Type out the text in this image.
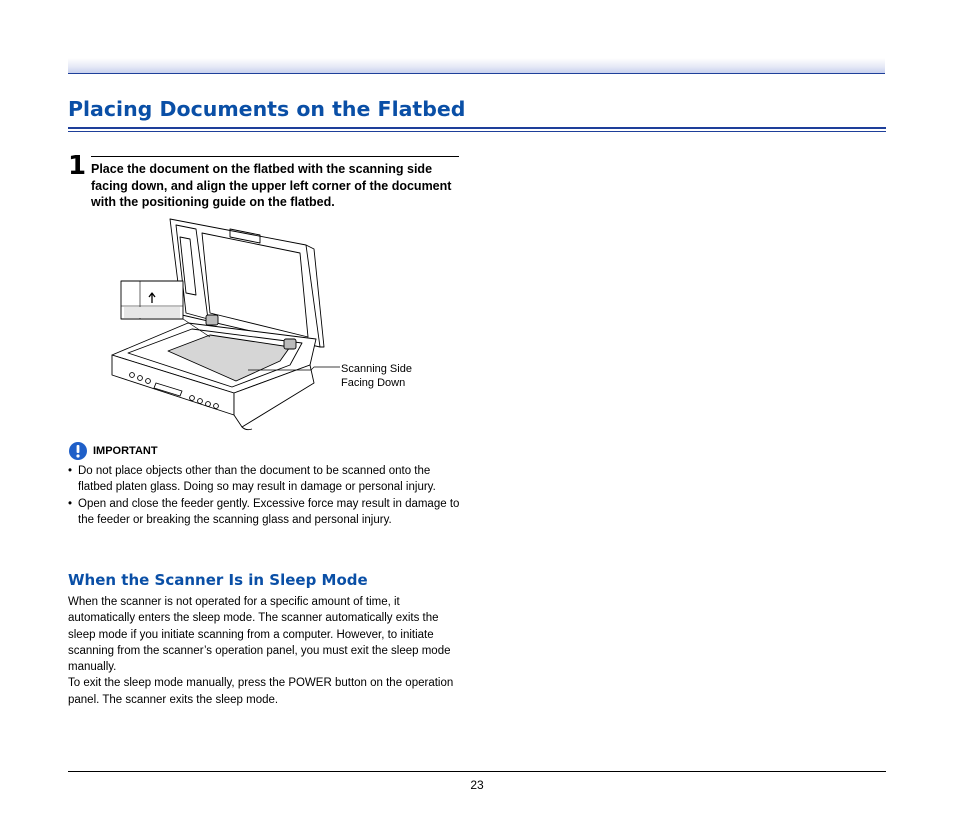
Placing Documents on the Flatbed
1 Place the document on the flatbed with the scanning side facing down, and align the upper left corner of the document with the positioning guide on the flatbed.

Scanning Side
Facing Down
IMPORTANT
• Do not place objects other than the document to be scanned onto the flatbed platen glass. Doing so may result in damage or personal injury.
• Open and close the feeder gently. Excessive force may result in damage to the feeder or breaking the scanning glass and personal injury.
When the Scanner Is in Sleep Mode

When the scanner is not operated for a specific amount of time, it automatically enters the sleep mode. The scanner automatically exits the sleep mode if you initiate scanning from a computer. However, to initiate scanning from the scanner’s operation panel, you must exit the sleep mode manually.

To exit the sleep mode manually, press the POWER button on the operation panel. The scanner exits the sleep mode.

23
